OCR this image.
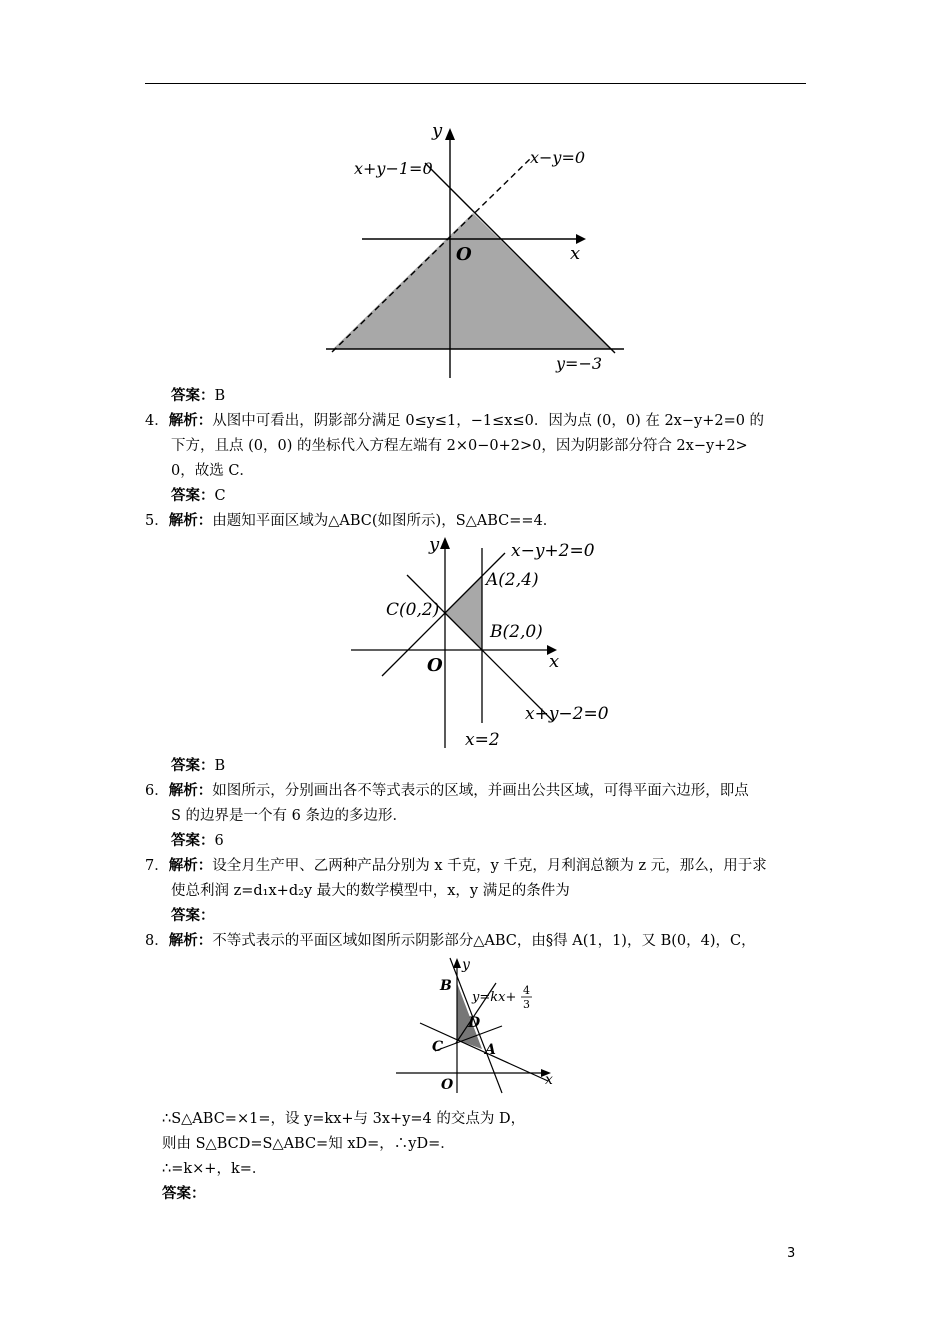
y
x
O
x+y−1=0
x−y=0
y=−3
答案：B
4．解析：从图中可看出，阴影部分满足 0≤y≤1，−1≤x≤0．因为点 (0，0) 在 2x−y+2=0 的
下方，且点 (0，0) 的坐标代入方程左端有 2×0−0+2>0，因为阴影部分符合 2x−y+2>
0，故选 C．
答案：C
5．解析：由题知平面区域为△ABC(如图所示)，S△ABC==4．
y
x
O
x−y+2=0
x+y−2=0
x=2
A(2,4)
B(2,0)
C(0,2)
答案：B
6．解析：如图所示，分别画出各不等式表示的区域，并画出公共区域，可得平面六边形，即点
S 的边界是一个有 6 条边的多边形．
答案：6
7．解析：设全月生产甲、乙两种产品分别为 x 千克，y 千克，月利润总额为 z 元，那么，用于求
使总利润 z=d₁x+d₂y 最大的数学模型中，x，y 满足的条件为
答案：
8．解析：不等式表示的平面区域如图所示阴影部分△ABC，由§得 A(1，1)，又 B(0，4)，C，
y
x
O
B
D
C	A
y=kx+ 4
3
∴S△ABC=×1=，设 y=kx+与 3x+y=4 的交点为 D，
则由 S△BCD=S△ABC=知 xD=，∴yD=．
∴=k×+，k=．
答案：
3
